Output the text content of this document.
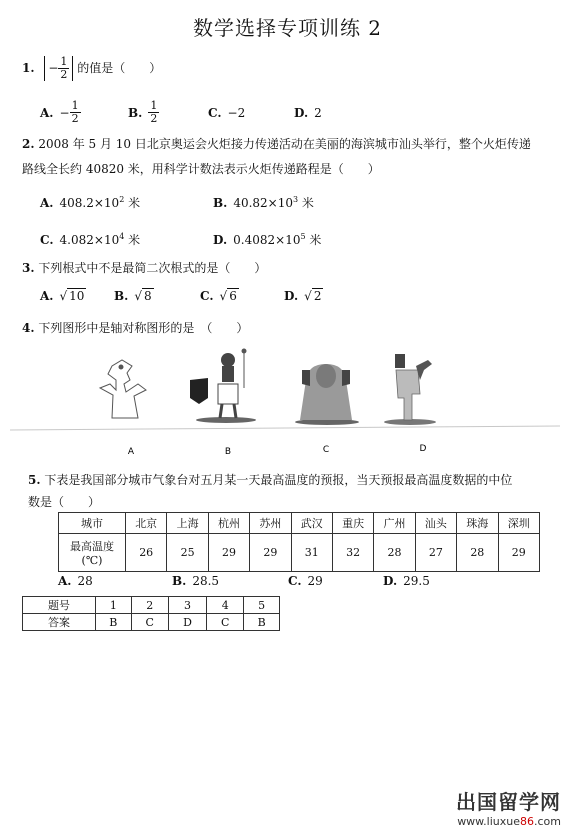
数学选择专项训练 2
1. − $\frac{1}{2}$ 的值是（　　）
A. − $\frac{1}{2}$	B. $\frac{1}{2}$	C. −2	D. 2
2. 2008 年 5 月 10 日北京奥运会火炬接力传递活动在美丽的海滨城市汕头举行，整个火炬传递
路线全长约 40820 米，用科学计数法表示火炬传递路程是（　　）
A. $408.2\times 10^2$ 米	B. $40.82\times 10^3$ 米
C. $4.082\times 10^4$ 米	D. $0.4082\times 10^5$ 米
3. 下列根式中不是最简二次根式的是（　　）
A. √ 10	B. √ 8	C. √ 6	D. √ 2
4. 下列图形中是轴对称图形的是　（　　）
A	B	C	D
5. 下表是我国部分城市气象台对五月某一天最高温度的预报，当天预报最高温度数据的中位
数是（　　）
城市	北京	上海	杭州	苏州	武汉	重庆	广州	汕头	珠海	深圳

最高温度
(℃)	26	25	29	29	31	32	28	27	28	29
A. 28	B. 28.5	C. 29	D. 29.5
题号	1	2	3	4	5
答案	B	C	D	C	B
出国留学网
www.liuxue86.com
